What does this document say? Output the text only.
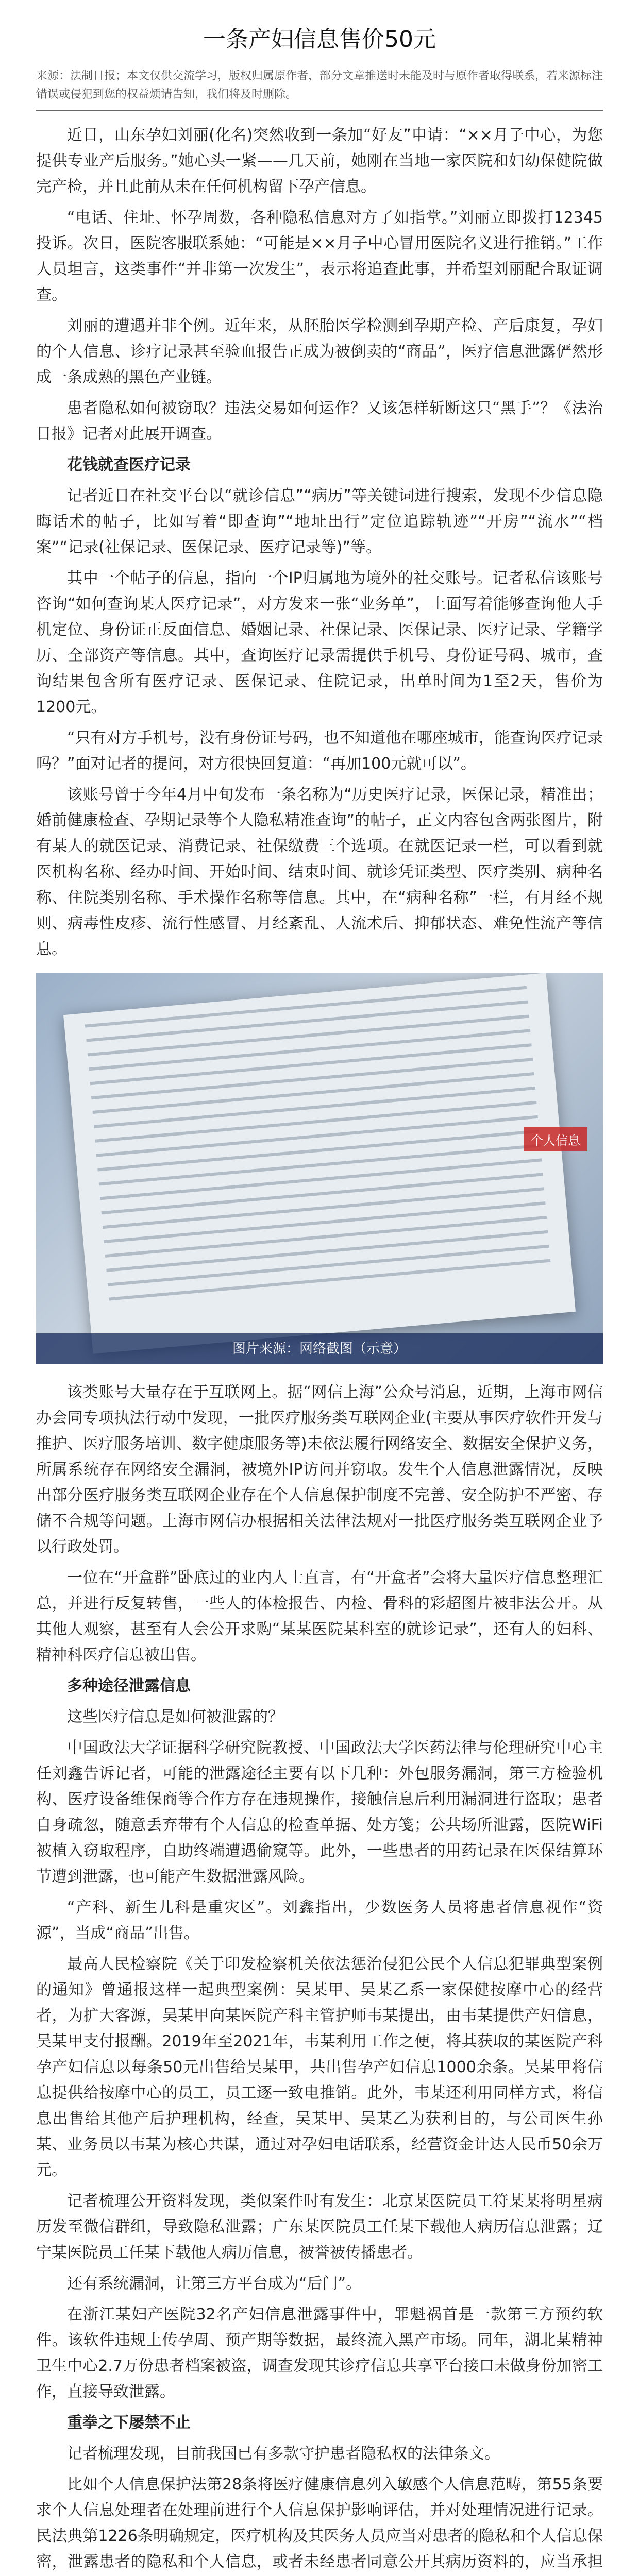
一条产妇信息售价50元
来源：法制日报；本文仅供交流学习，版权归属原作者，部分文章推送时未能及时与原作者取得联系，若来源标注错误或侵犯到您的权益烦请告知，我们将及时删除。
近日，山东孕妇刘丽(化名)突然收到一条加“好友”申请：“××月子中心，为您提供专业产后服务。”她心头一紧——几天前，她刚在当地一家医院和妇幼保健院做完产检，并且此前从未在任何机构留下孕产信息。
“电话、住址、怀孕周数，各种隐私信息对方了如指掌。”刘丽立即拨打12345投诉。次日，医院客服联系她：“可能是××月子中心冒用医院名义进行推销。”工作人员坦言，这类事件“并非第一次发生”，表示将追查此事，并希望刘丽配合取证调查。
刘丽的遭遇并非个例。近年来，从胚胎医学检测到孕期产检、产后康复，孕妇的个人信息、诊疗记录甚至验血报告正成为被倒卖的“商品”，医疗信息泄露俨然形成一条成熟的黑色产业链。
患者隐私如何被窃取？违法交易如何运作？又该怎样斩断这只“黑手”？《法治日报》记者对此展开调查。
花钱就查医疗记录
记者近日在社交平台以“就诊信息”“病历”等关键词进行搜索，发现不少信息隐晦话术的帖子，比如写着“即查询”“地址出行”定位追踪轨迹”“开房”“流水”“档案”“记录(社保记录、医保记录、医疗记录等)”等。
其中一个帖子的信息，指向一个IP归属地为境外的社交账号。记者私信该账号咨询“如何查询某人医疗记录”，对方发来一张“业务单”，上面写着能够查询他人手机定位、身份证正反面信息、婚姻记录、社保记录、医保记录、医疗记录、学籍学历、全部资产等信息。其中，查询医疗记录需提供手机号、身份证号码、城市，查询结果包含所有医疗记录、医保记录、住院记录，出单时间为1至2天，售价为1200元。
“只有对方手机号，没有身份证号码，也不知道他在哪座城市，能查询医疗记录吗？”面对记者的提问，对方很快回复道：“再加100元就可以”。
该账号曾于今年4月中旬发布一条名称为“历史医疗记录，医保记录，精准出；婚前健康检查、孕期记录等个人隐私精准查询”的帖子，正文内容包含两张图片，附有某人的就医记录、消费记录、社保缴费三个选项。在就医记录一栏，可以看到就医机构名称、经办时间、开始时间、结束时间、就诊凭证类型、医疗类别、病种名称、住院类别名称、手术操作名称等信息。其中，在“病种名称”一栏，有月经不规则、病毒性皮疹、流行性感冒、月经紊乱、人流术后、抑郁状态、难免性流产等信息。
个人信息
图片来源：网络截图（示意）
该类账号大量存在于互联网上。据“网信上海”公众号消息，近期，上海市网信办会同专项执法行动中发现，一批医疗服务类互联网企业(主要从事医疗软件开发与推护、医疗服务培训、数字健康服务等)未依法履行网络安全、数据安全保护义务，所属系统存在网络安全漏洞，被境外IP访问并窃取。发生个人信息泄露情况，反映出部分医疗服务类互联网企业存在个人信息保护制度不完善、安全防护不严密、存储不合规等问题。上海市网信办根据相关法律法规对一批医疗服务类互联网企业予以行政处罚。
一位在“开盒群”卧底过的业内人士直言，有“开盒者”会将大量医疗信息整理汇总，并进行反复转售，一些人的体检报告、内检、骨科的彩超图片被非法公开。从其他人观察，甚至有人会公开求购“某某医院某科室的就诊记录”，还有人的妇科、精神科医疗信息被出售。
多种途径泄露信息
这些医疗信息是如何被泄露的？
中国政法大学证据科学研究院教授、中国政法大学医药法律与伦理研究中心主任刘鑫告诉记者，可能的泄露途径主要有以下几种：外包服务漏洞，第三方检验机构、医疗设备维保商等合作方存在违规操作，接触信息后利用漏洞进行盗取；患者自身疏忽，随意丢弃带有个人信息的检查单据、处方笺；公共场所泄露，医院WiFi被植入窃取程序，自助终端遭遇偷窥等。此外，一些患者的用药记录在医保结算环节遭到泄露，也可能产生数据泄露风险。
“产科、新生儿科是重灾区”。刘鑫指出，少数医务人员将患者信息视作“资源”，当成“商品”出售。
最高人民检察院《关于印发检察机关依法惩治侵犯公民个人信息犯罪典型案例的通知》曾通报这样一起典型案例：吴某甲、吴某乙系一家保健按摩中心的经营者，为扩大客源，吴某甲向某医院产科主管护师韦某提出，由韦某提供产妇信息，吴某甲支付报酬。2019年至2021年，韦某利用工作之便，将其获取的某医院产科孕产妇信息以每条50元出售给吴某甲，共出售孕产妇信息1000余条。吴某甲将信息提供给按摩中心的员工，员工逐一致电推销。此外，韦某还利用同样方式，将信息出售给其他产后护理机构，经查，吴某甲、吴某乙为获利目的，与公司医生孙某、业务员以韦某为核心共谋，通过对孕妇电话联系，经营资金计达人民币50余万元。
记者梳理公开资料发现，类似案件时有发生：北京某医院员工符某某将明星病历发至微信群组，导致隐私泄露；广东某医院员工任某下载他人病历信息泄露；辽宁某医院员工任某下载他人病历信息，被誉被传播患者。
还有系统漏洞，让第三方平台成为“后门”。
在浙江某妇产医院32名产妇信息泄露事件中，罪魁祸首是一款第三方预约软件。该软件违规上传孕周、预产期等数据，最终流入黑产市场。同年，湖北某精神卫生中心2.7万份患者档案被盗，调查发现其诊疗信息共享平台接口未做身份加密工作，直接导致泄露。
重拳之下屡禁不止
记者梳理发现，目前我国已有多款守护患者隐私权的法律条文。
比如个人信息保护法第28条将医疗健康信息列入敏感个人信息范畴，第55条要求个人信息处理者在处理前进行个人信息保护影响评估，并对处理情况进行记录。民法典第1226条明确规定，医疗机构及其医务人员应当对患者的隐私和个人信息保密，泄露患者的隐私和个人信息，或者未经患者同意公开其病历资料的，应当承担
